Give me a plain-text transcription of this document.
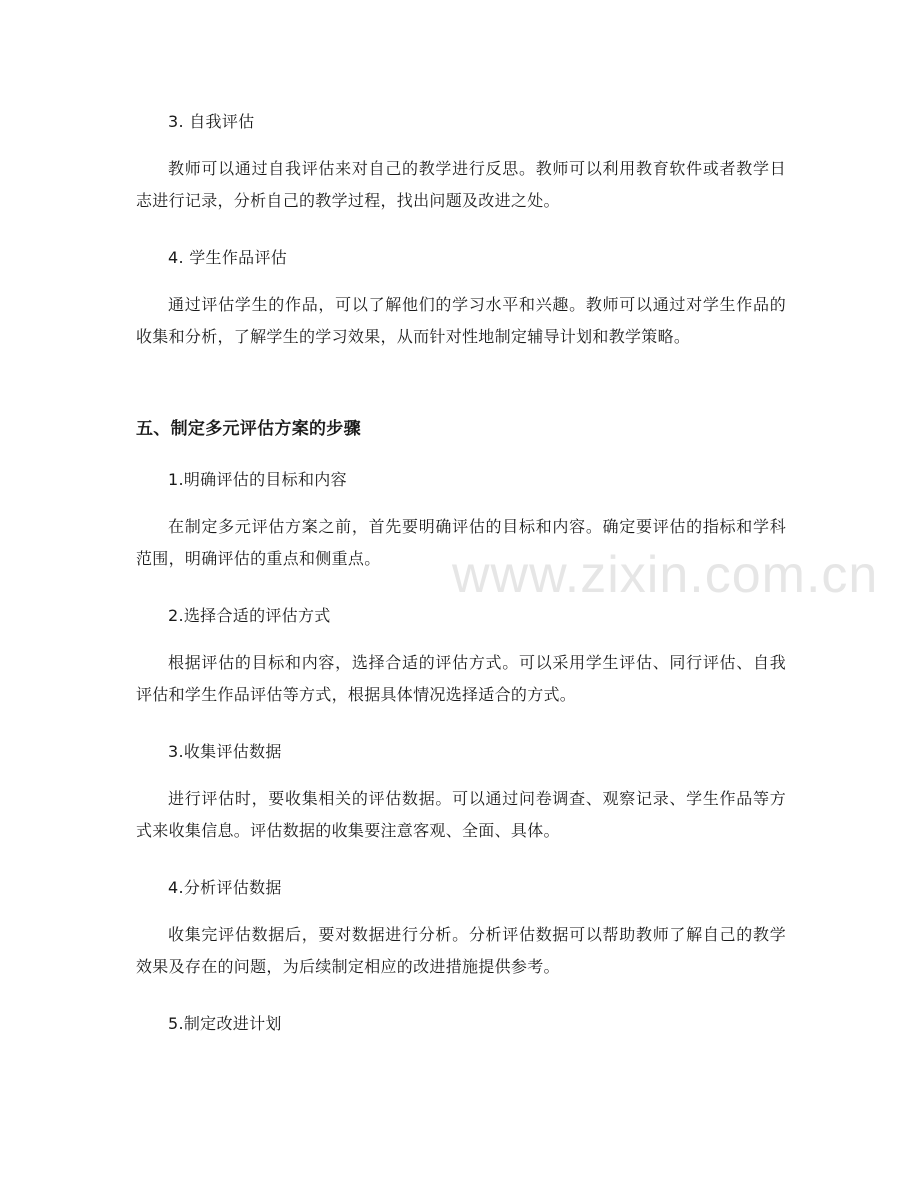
3. 自我评估
教师可以通过自我评估来对自己的教学进行反思。教师可以利用教育软件或者教学日志进行记录，分析自己的教学过程，找出问题及改进之处。
4. 学生作品评估
通过评估学生的作品，可以了解他们的学习水平和兴趣。教师可以通过对学生作品的收集和分析，了解学生的学习效果，从而针对性地制定辅导计划和教学策略。
五、制定多元评估方案的步骤
1.明确评估的目标和内容
在制定多元评估方案之前，首先要明确评估的目标和内容。确定要评估的指标和学科范围，明确评估的重点和侧重点。
2.选择合适的评估方式
根据评估的目标和内容，选择合适的评估方式。可以采用学生评估、同行评估、自我评估和学生作品评估等方式，根据具体情况选择适合的方式。
3.收集评估数据
进行评估时，要收集相关的评估数据。可以通过问卷调查、观察记录、学生作品等方式来收集信息。评估数据的收集要注意客观、全面、具体。
4.分析评估数据
收集完评估数据后，要对数据进行分析。分析评估数据可以帮助教师了解自己的教学效果及存在的问题，为后续制定相应的改进措施提供参考。
5.制定改进计划
www.zixin.com.cn
